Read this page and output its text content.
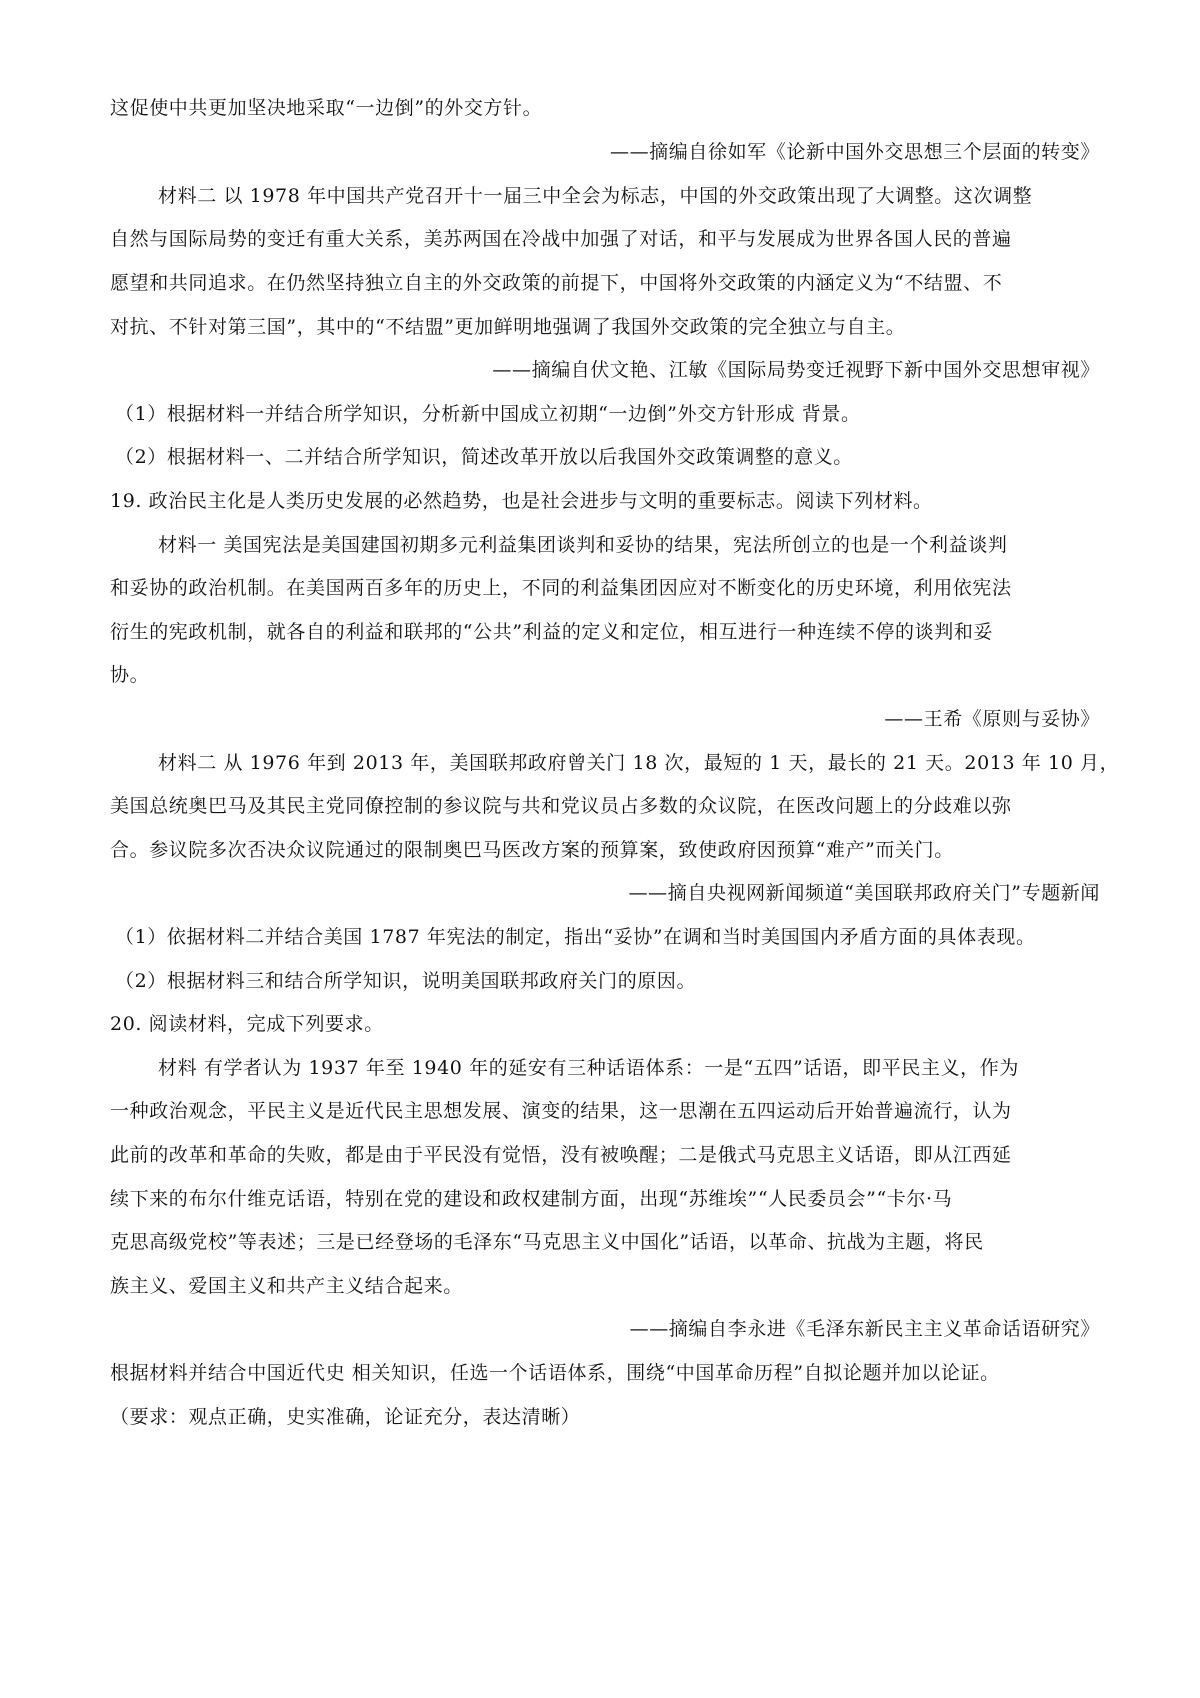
这促使中共更加坚决地采取“一边倒”的外交方针。
——摘编自徐如军《论新中国外交思想三个层面的转变》
材料二 以 1978 年中国共产党召开十一届三中全会为标志，中国的外交政策出现了大调整。这次调整
自然与国际局势的变迁有重大关系，美苏两国在冷战中加强了对话，和平与发展成为世界各国人民的普遍
愿望和共同追求。在仍然坚持独立自主的外交政策的前提下，中国将外交政策的内涵定义为“不结盟、不
对抗、不针对第三国”，其中的“不结盟”更加鲜明地强调了我国外交政策的完全独立与自主。
——摘编自伏文艳、江敏《国际局势变迁视野下新中国外交思想审视》
（1）根据材料一并结合所学知识，分析新中国成立初期“一边倒”外交方针形成 背景。
（2）根据材料一、二并结合所学知识，简述改革开放以后我国外交政策调整的意义。
19. 政治民主化是人类历史发展的必然趋势，也是社会进步与文明的重要标志。阅读下列材料。
材料一 美国宪法是美国建国初期多元利益集团谈判和妥协的结果，宪法所创立的也是一个利益谈判
和妥协的政治机制。在美国两百多年的历史上，不同的利益集团因应对不断变化的历史环境，利用依宪法
衍生的宪政机制，就各自的利益和联邦的“公共”利益的定义和定位，相互进行一种连续不停的谈判和妥
协。
——王希《原则与妥协》
材料二 从 1976 年到 2013 年，美国联邦政府曾关门 18 次，最短的 1 天，最长的 21 天。2013 年 10 月，
美国总统奥巴马及其民主党同僚控制的参议院与共和党议员占多数的众议院，在医改问题上的分歧难以弥
合。参议院多次否决众议院通过的限制奥巴马医改方案的预算案，致使政府因预算“难产”而关门。
——摘自央视网新闻频道“美国联邦政府关门”专题新闻
（1）依据材料二并结合美国 1787 年宪法的制定，指出“妥协”在调和当时美国国内矛盾方面的具体表现。
（2）根据材料三和结合所学知识，说明美国联邦政府关门的原因。
20. 阅读材料，完成下列要求。
材料 有学者认为 1937 年至 1940 年的延安有三种话语体系：一是“五四”话语，即平民主义，作为
一种政治观念，平民主义是近代民主思想发展、演变的结果，这一思潮在五四运动后开始普遍流行，认为
此前的改革和革命的失败，都是由于平民没有觉悟，没有被唤醒；二是俄式马克思主义话语，即从江西延
续下来的布尔什维克话语，特别在党的建设和政权建制方面，出现“苏维埃”“人民委员会”“卡尔·马
克思高级党校”等表述；三是已经登场的毛泽东“马克思主义中国化”话语，以革命、抗战为主题，将民
族主义、爱国主义和共产主义结合起来。
——摘编自李永进《毛泽东新民主主义革命话语研究》
根据材料并结合中国近代史 相关知识，任选一个话语体系，围绕“中国革命历程”自拟论题并加以论证。
（要求：观点正确，史实准确，论证充分，表达清晰）
